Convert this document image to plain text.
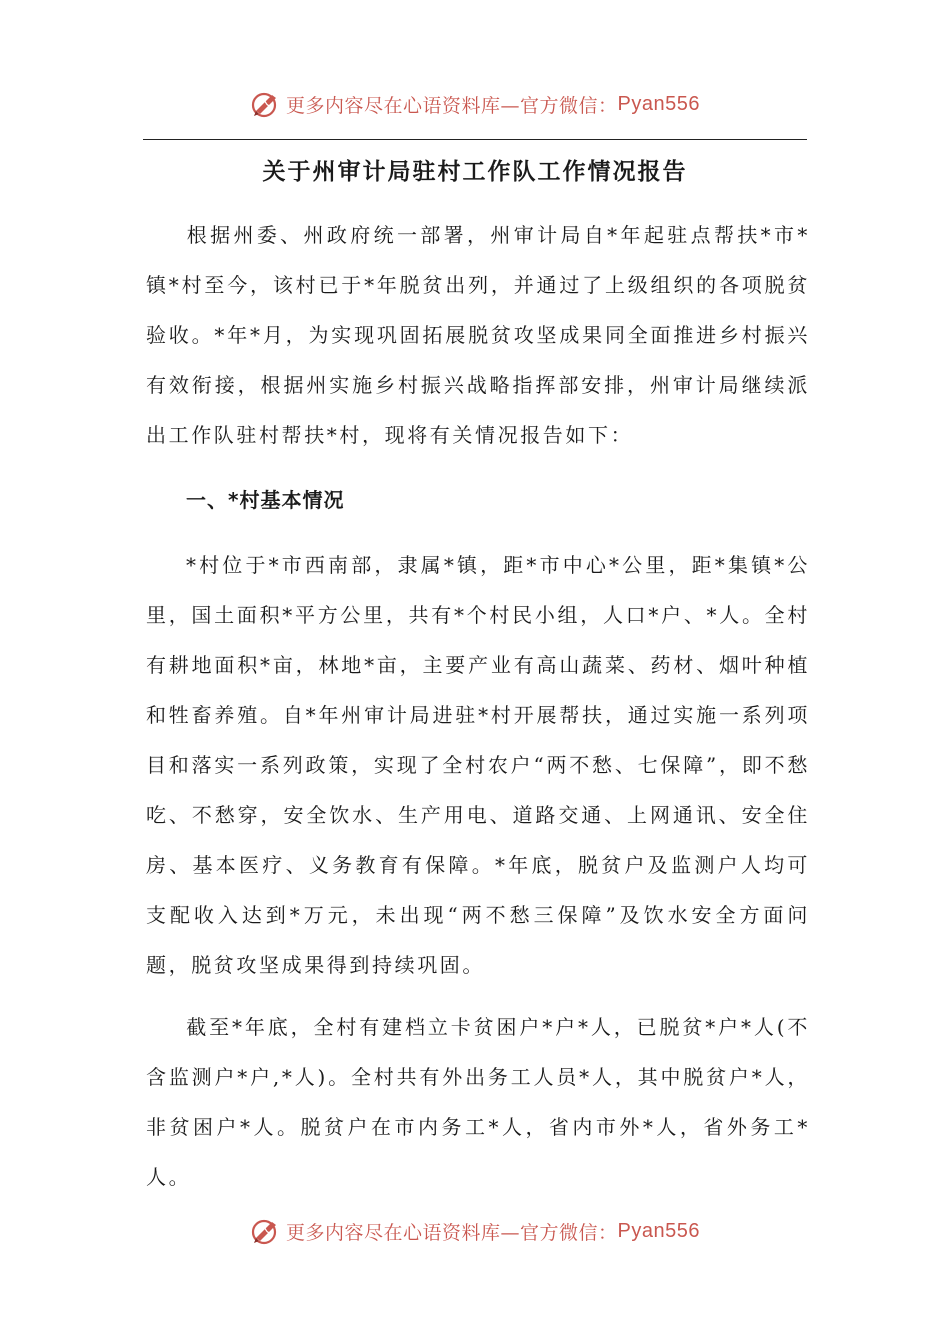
更多内容尽在心语资料库—官方微信： Pyan556
关于州审计局驻村工作队工作情况报告

根据州委、州政府统一部署，州审计局自*年起驻点帮扶*市*镇*村至今，该村已于*年脱贫出列，并通过了上级组织的各项脱贫验收。*年*月，为实现巩固拓展脱贫攻坚成果同全面推进乡村振兴有效衔接，根据州实施乡村振兴战略指挥部安排，州审计局继续派出工作队驻村帮扶*村，现将有关情况报告如下：

一、*村基本情况

*村位于*市西南部，隶属*镇，距*市中心*公里，距*集镇*公里，国土面积*平方公里，共有*个村民小组，人口*户、*人。全村有耕地面积*亩，林地*亩，主要产业有高山蔬菜、药材、烟叶种植和牲畜养殖。自*年州审计局进驻*村开展帮扶，通过实施一系列项目和落实一系列政策，实现了全村农户“两不愁、七保障”，即不愁吃、不愁穿，安全饮水、生产用电、道路交通、上网通讯、安全住房、基本医疗、义务教育有保障。*年底，脱贫户及监测户人均可支配收入达到*万元，未出现“两不愁三保障”及饮水安全方面问题，脱贫攻坚成果得到持续巩固。

截至*年底，全村有建档立卡贫困户*户*人，已脱贫*户*人(不含监测户*户,*人)。全村共有外出务工人员*人，其中脱贫户*人，非贫困户*人。脱贫户在市内务工*人，省内市外*人，省外务工*人。

更多内容尽在心语资料库—官方微信： Pyan556
